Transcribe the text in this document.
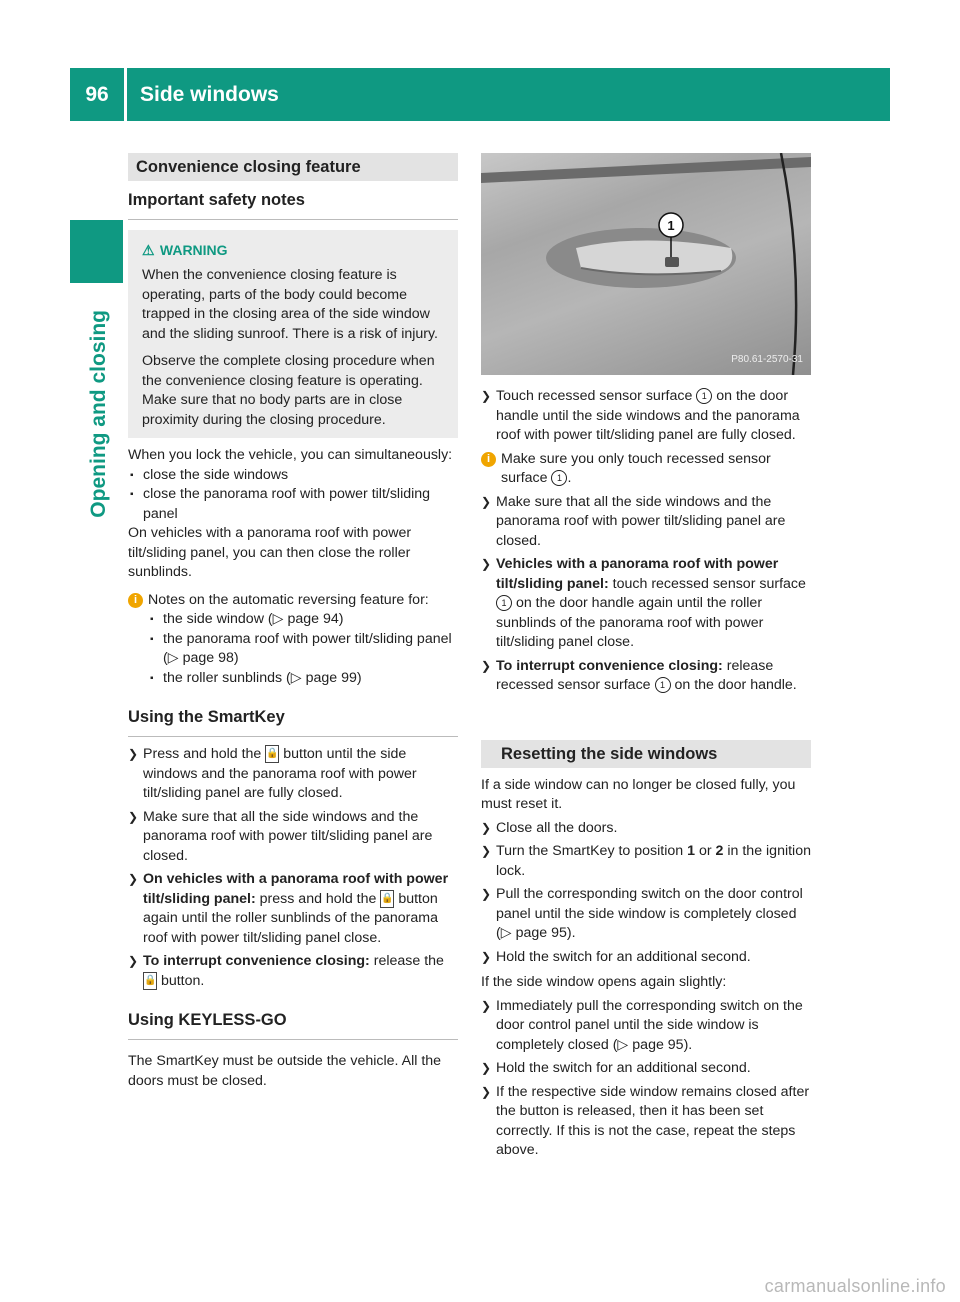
96	Side windows
Opening and closing
Convenience closing feature
Important safety notes
⚠ WARNING

When the convenience closing feature is operating, parts of the body could become trapped in the closing area of the side window and the sliding sunroof. There is a risk of injury.

Observe the complete closing procedure when the convenience closing feature is operating. Make sure that no body parts are in close proximity during the closing procedure.

When you lock the vehicle, you can simultaneously:

▪ close the side windows
▪ close the panorama roof with power tilt/sliding panel

On vehicles with a panorama roof with power tilt/sliding panel, you can then close the roller sunblinds.

i Notes on the automatic reversing feature for:

▪ the side window (▷ page 94)
▪ the panorama roof with power tilt/sliding panel (▷ page 98)
▪ the roller sunblinds (▷ page 99)
Using the SmartKey
❯ Press and hold the 🔒 button until the side windows and the panorama roof with power tilt/sliding panel are fully closed.
❯ Make sure that all the side windows and the panorama roof with power tilt/sliding panel are closed.
❯ On vehicles with a panorama roof with power tilt/sliding panel: press and hold the 🔒 button again until the roller sunblinds of the panorama roof with power tilt/sliding panel close.
❯ To interrupt convenience closing: release the 🔒 button.
Using KEYLESS-GO

The SmartKey must be outside the vehicle. All the doors must be closed.

1
P80.61-2570-31
❯ Touch recessed sensor surface 1 on the door handle until the side windows and the panorama roof with power tilt/sliding panel are fully closed.
i Make sure you only touch recessed sensor surface 1 .
❯ Make sure that all the side windows and the panorama roof with power tilt/sliding panel are closed.
❯ Vehicles with a panorama roof with power tilt/sliding panel: touch recessed sensor surface 1 on the door handle again until the roller sunblinds of the panorama roof with power tilt/sliding panel close.
❯ To interrupt convenience closing: release recessed sensor surface 1 on the door handle.
Resetting the side windows

If a side window can no longer be closed fully, you must reset it.

❯ Close all the doors.
❯ Turn the SmartKey to position 1 or 2 in the ignition lock.
❯ Pull the corresponding switch on the door control panel until the side window is completely closed (▷ page 95).
❯ Hold the switch for an additional second.

If the side window opens again slightly:

❯ Immediately pull the corresponding switch on the door control panel until the side window is completely closed (▷ page 95).
❯ Hold the switch for an additional second.
❯ If the respective side window remains closed after the button is released, then it has been set correctly. If this is not the case, repeat the steps above.
carmanualsonline.info
